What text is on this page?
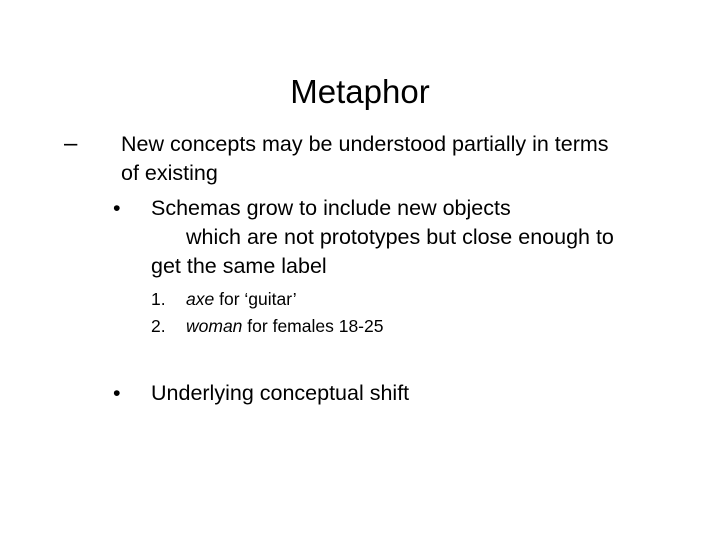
Metaphor
– New concepts may be understood partially in terms
of existing
• Schemas grow to include new objects
which are not prototypes but close enough to
get the same label
1. axe for ‘guitar’
2. woman for females 18-25
• Underlying conceptual shift
